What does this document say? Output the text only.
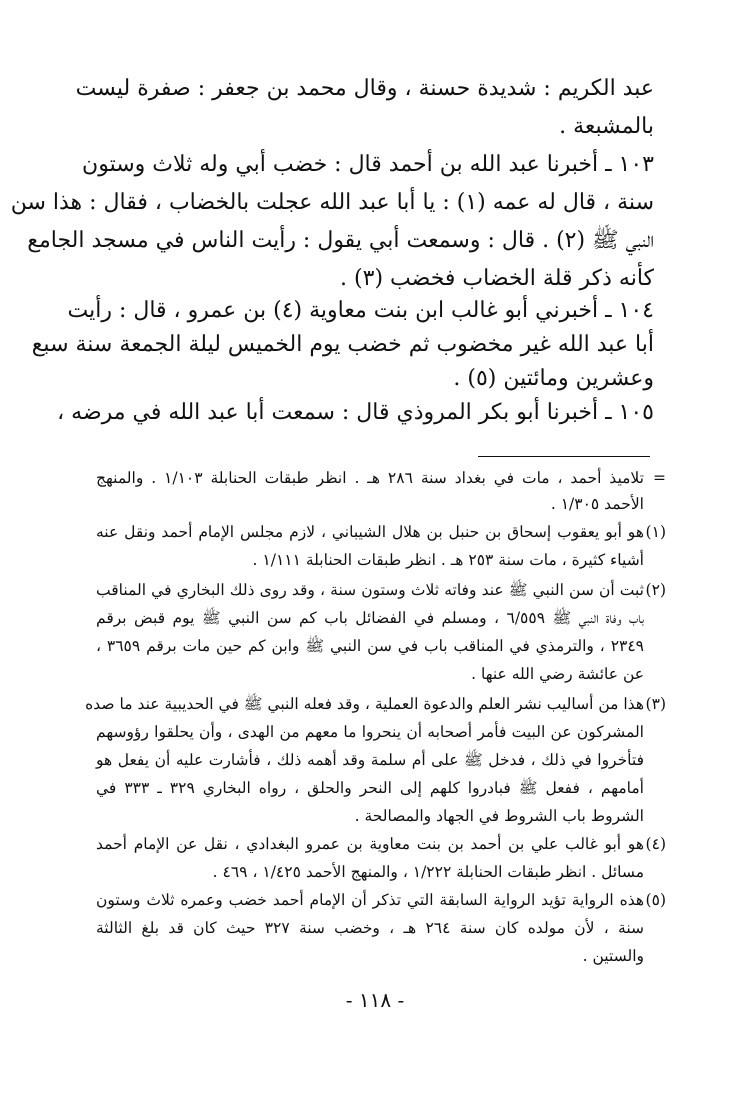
عبد الكريم : شديدة حسنة ، وقال محمد بن جعفر : صفرة ليست
بالمشبعة .
١٠٣ ـ أخبرنا عبد الله بن أحمد قال : خضب أبي وله ثلاث وستون
سنة ، قال له عمه (١) : يا أبا عبد الله عجلت بالخضاب ، فقال : هذا سن
النبي ﷺ (٢) . قال : وسمعت أبي يقول : رأيت الناس في مسجد الجامع
كأنه ذكر قلة الخضاب فخضب (٣) .
١٠٤ ـ أخبرني أبو غالب ابن بنت معاوية (٤) بن عمرو ، قال : رأيت
أبا عبد الله غير مخضوب ثم خضب يوم الخميس ليلة الجمعة سنة سبع
وعشرين ومائتين (٥) .
١٠٥ ـ أخبرنا أبو بكر المروذي قال : سمعت أبا عبد الله في مرضه ،
=
تلاميذ أحمد ، مات في بغداد سنة ٢٨٦ هـ . انظر طبقات الحنابلة ١/١٠٣ . والمنهج
الأحمد ١/٣٠٥ .
(١)
هو أبو يعقوب إسحاق بن حنبل بن هلال الشيباني ، لازم مجلس الإمام أحمد ونقل عنه
أشياء كثيرة ، مات سنة ٢٥٣ هـ . انظر طبقات الحنابلة ١/١١١ .
(٢)
ثبت أن سن النبي ﷺ عند وفاته ثلاث وستون سنة ، وقد روى ذلك البخاري في المناقب
باب وفاة النبي ﷺ ٦/٥٥٩ ، ومسلم في الفضائل باب كم سن النبي ﷺ يوم قبض برقم
٢٣٤٩ ، والترمذي في المناقب باب في سن النبي ﷺ وابن كم حين مات برقم ٣٦٥٩ ،
عن عائشة رضي الله عنها .
(٣)
هذا من أساليب نشر العلم والدعوة العملية ، وقد فعله النبي ﷺ في الحديبية عند ما صده
المشركون عن البيت فأمر أصحابه أن ينحروا ما معهم من الهدى ، وأن يحلقوا رؤوسهم
فتأخروا في ذلك ، فدخل ﷺ على أم سلمة وقد أهمه ذلك ، فأشارت عليه أن يفعل هو
أمامهم ، ففعل ﷺ فبادروا كلهم إلى النحر والحلق ، رواه البخاري ٣٢٩ ـ ٣٣٣ في
الشروط باب الشروط في الجهاد والمصالحة .
(٤)
هو أبو غالب علي بن أحمد بن بنت معاوية بن عمرو البغدادي ، نقل عن الإمام أحمد
مسائل . انظر طبقات الحنابلة ١/٢٢٢ ، والمنهج الأحمد ١/٤٢٥ ، ٤٦٩ .
(٥)
هذه الرواية تؤيد الرواية السابقة التي تذكر أن الإمام أحمد خضب وعمره ثلاث وستون
سنة ، لأن مولده كان سنة ٢٦٤ هـ ، وخضب سنة ٣٢٧ حيث كان قد بلغ الثالثة
والستين .
- ١١٨ -
